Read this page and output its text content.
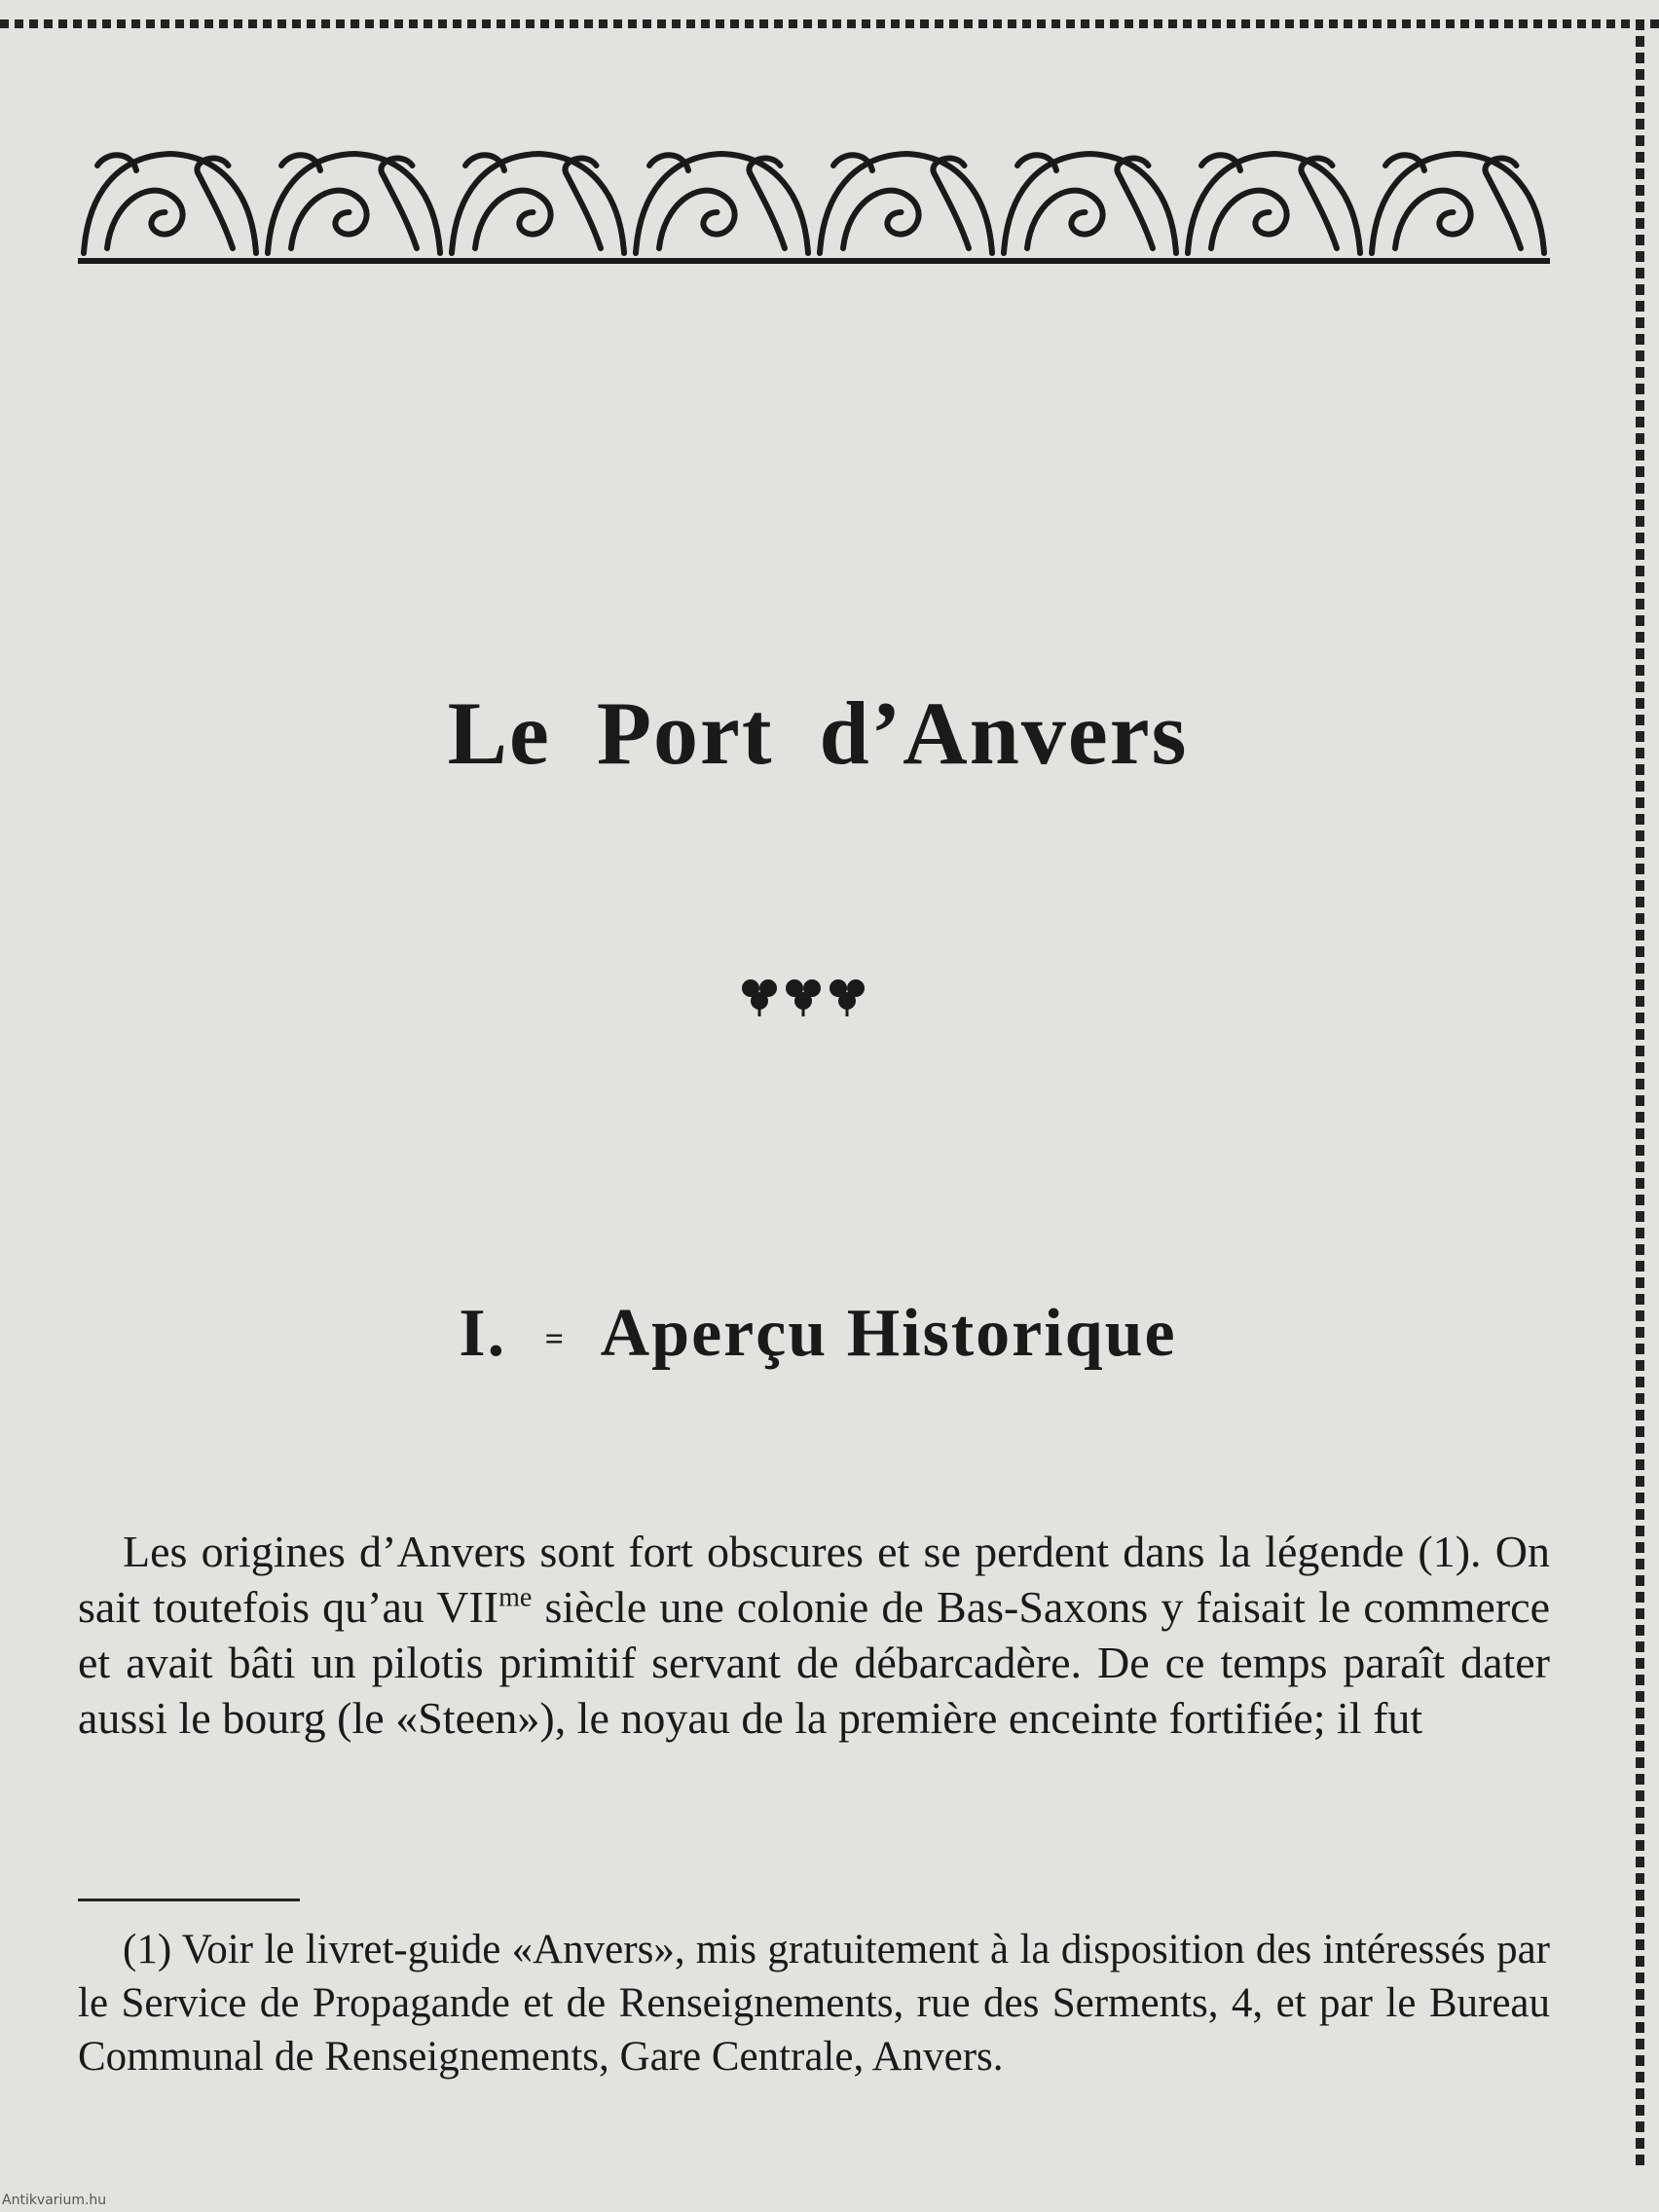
Le Port d’Anvers
I. = Aperçu Historique
Les origines d’Anvers sont fort obscures et se perdent dans la légende (1). On sait toutefois qu’au $VII^{me}$ siècle une colonie de Bas-Saxons y faisait le commerce et avait bâti un pilotis primitif servant de débarcadère. De ce temps paraît dater aussi le bourg (le «Steen»), le noyau de la première enceinte fortifiée; il fut
(1) Voir le livret-guide «Anvers», mis gratuitement à la disposition des intéressés par le Service de Propagande et de Renseignements, rue des Serments, 4, et par le Bureau Communal de Renseignements, Gare Centrale, Anvers.
Antikvarium.hu
